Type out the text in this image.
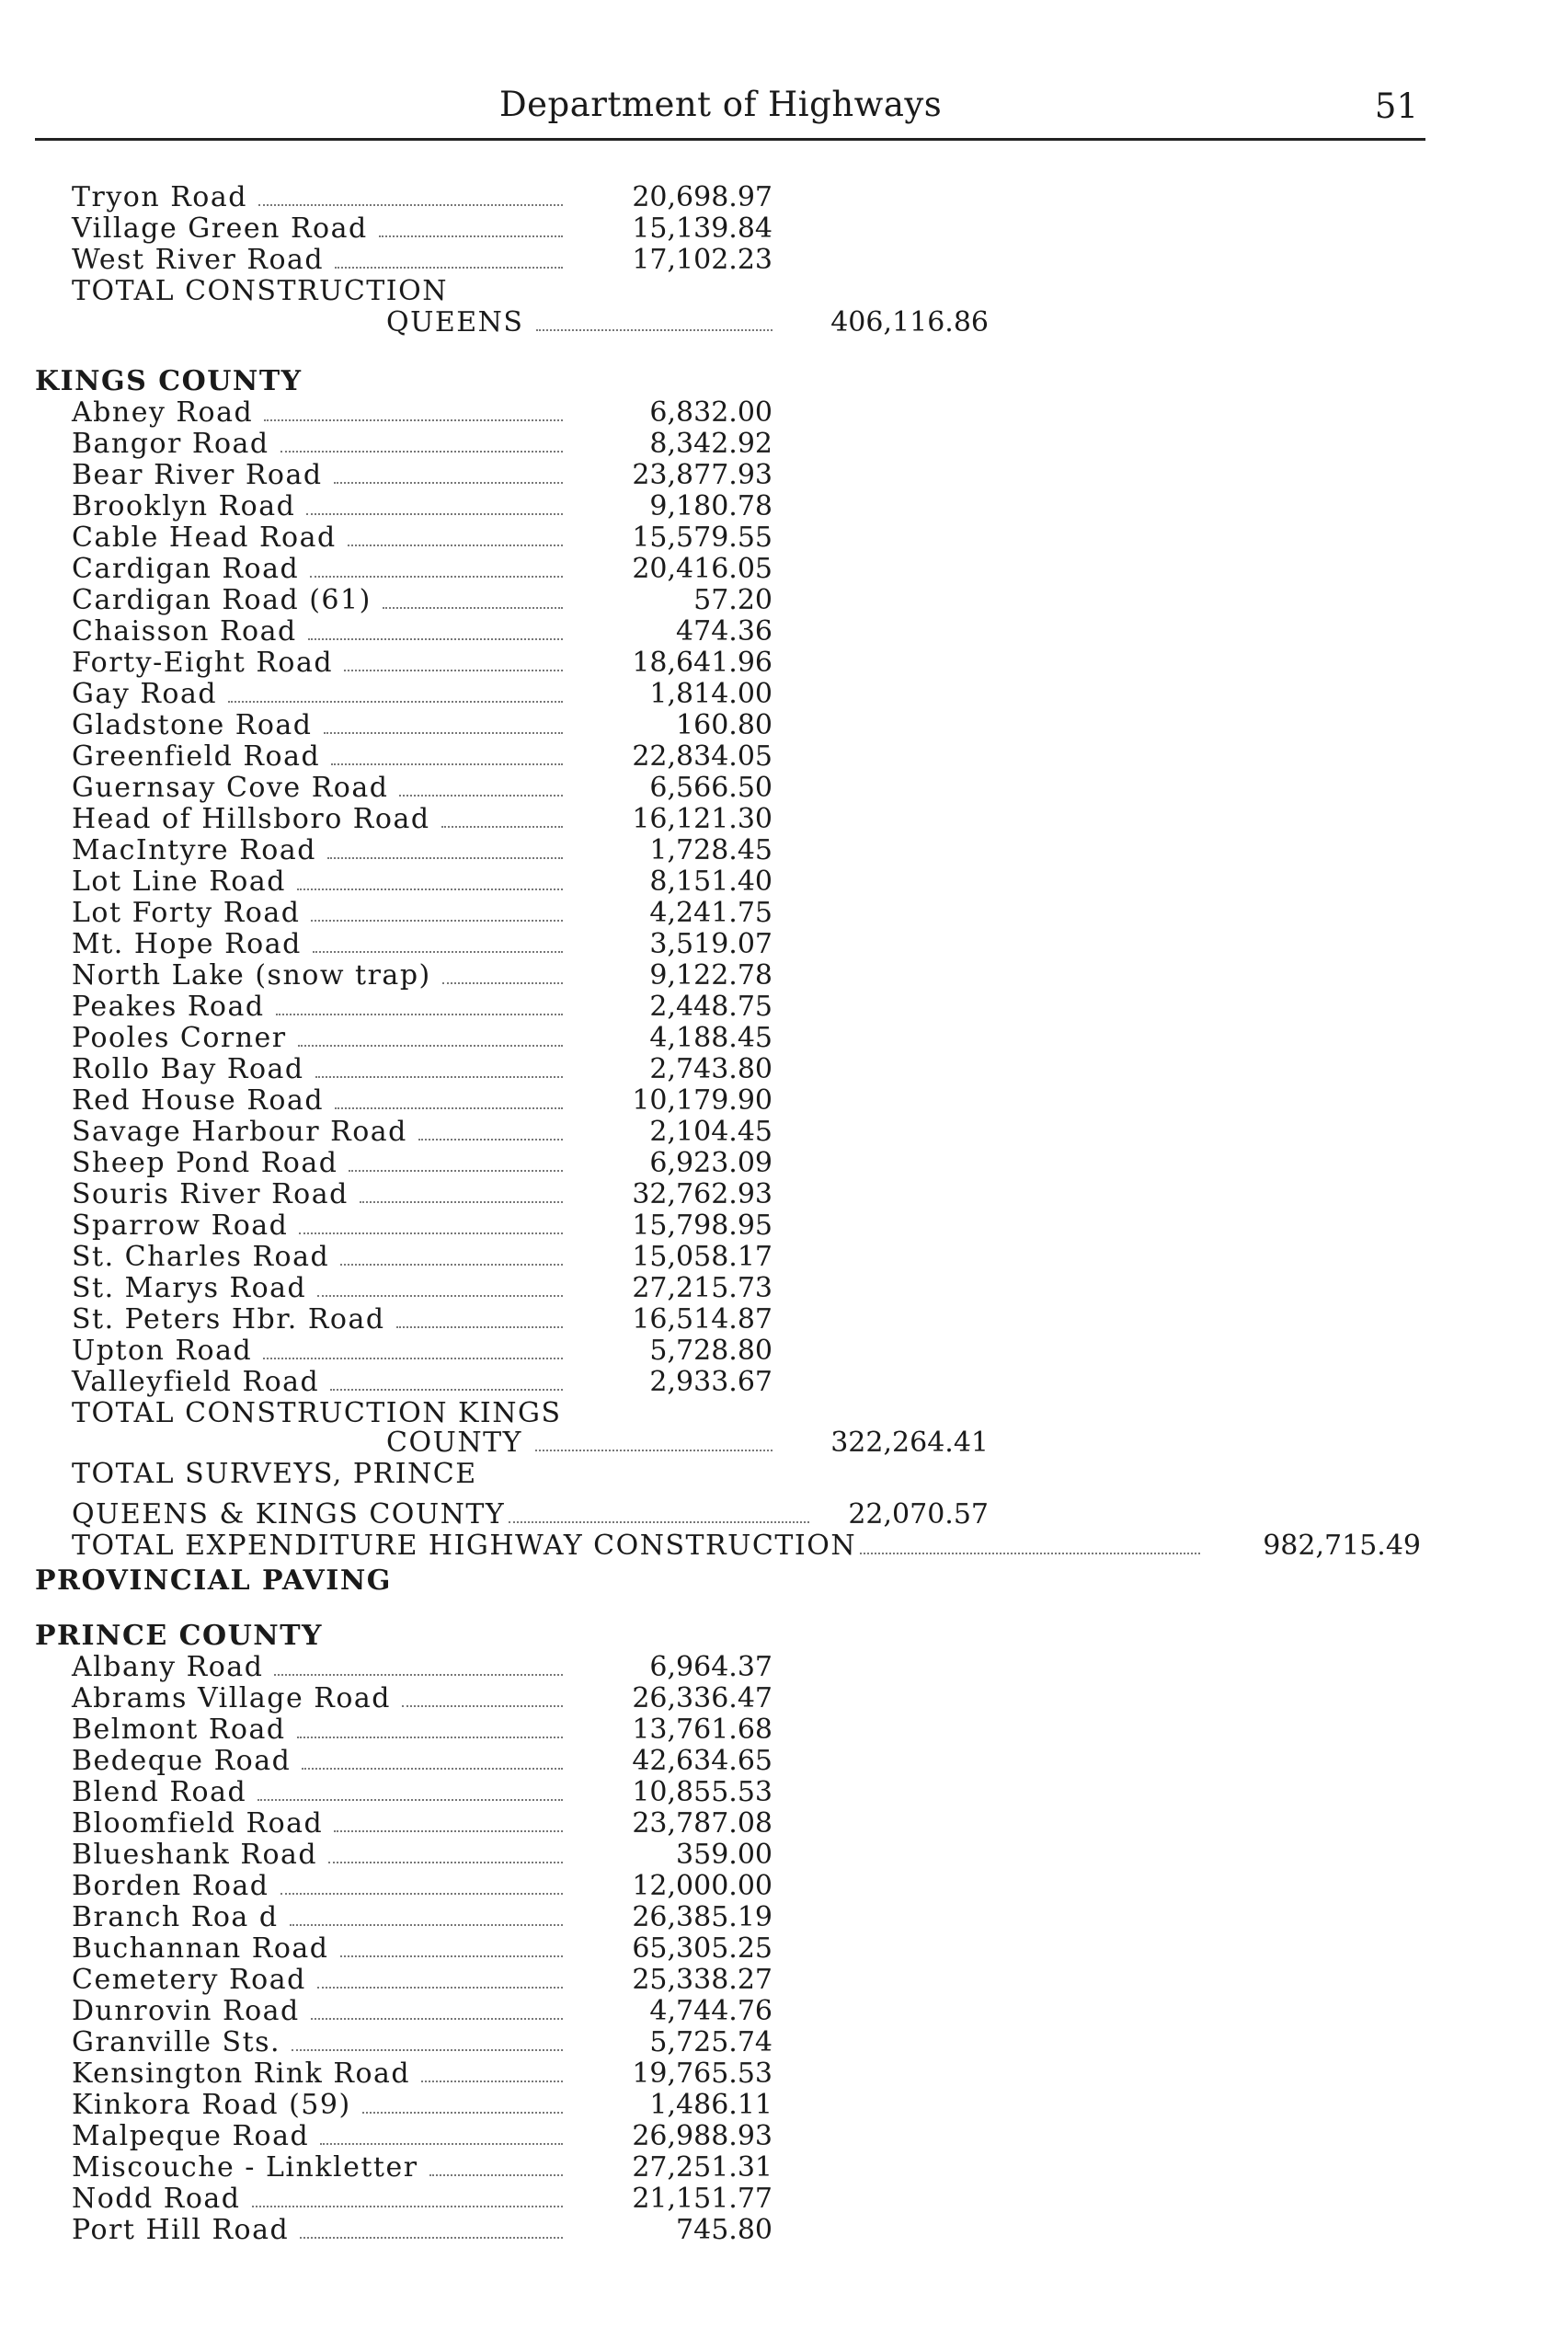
Department of Highways	51
Tryon Road	20,698.97
Village Green Road	15,139.84
West River Road	17,102.23
TOTAL CONSTRUCTION
QUEENS	406,116.86
KINGS COUNTY
Abney Road	6,832.00
Bangor Road	8,342.92
Bear River Road	23,877.93
Brooklyn Road	9,180.78
Cable Head Road	15,579.55
Cardigan Road	20,416.05
Cardigan Road (61)	57.20
Chaisson Road	474.36
Forty-Eight Road	18,641.96
Gay Road	1,814.00
Gladstone Road	160.80
Greenfield Road	22,834.05
Guernsay Cove Road	6,566.50
Head of Hillsboro Road	16,121.30
MacIntyre Road	1,728.45
Lot Line Road	8,151.40
Lot Forty Road	4,241.75
Mt. Hope Road	3,519.07
North Lake (snow trap)	9,122.78
Peakes Road	2,448.75
Pooles Corner	4,188.45
Rollo Bay Road	2,743.80
Red House Road	10,179.90
Savage Harbour Road	2,104.45
Sheep Pond Road	6,923.09
Souris River Road	32,762.93
Sparrow Road	15,798.95
St. Charles Road	15,058.17
St. Marys Road	27,215.73
St. Peters Hbr. Road	16,514.87
Upton Road	5,728.80
Valleyfield Road	2,933.67
TOTAL CONSTRUCTION KINGS
COUNTY	322,264.41
TOTAL SURVEYS, PRINCE
QUEENS & KINGS COUNTY	22,070.57
TOTAL EXPENDITURE HIGHWAY CONSTRUCTION	982,715.49
PROVINCIAL PAVING
PRINCE COUNTY
Albany Road	6,964.37
Abrams Village Road	26,336.47
Belmont Road	13,761.68
Bedeque Road	42,634.65
Blend Road	10,855.53
Bloomfield Road	23,787.08
Blueshank Road	359.00
Borden Road	12,000.00
Branch Roa d	26,385.19
Buchannan Road	65,305.25
Cemetery Road	25,338.27
Dunrovin Road	4,744.76
Granville Sts.	5,725.74
Kensington Rink Road	19,765.53
Kinkora Road (59)	1,486.11
Malpeque Road	26,988.93
Miscouche - Linkletter	27,251.31
Nodd Road	21,151.77
Port Hill Road	745.80
